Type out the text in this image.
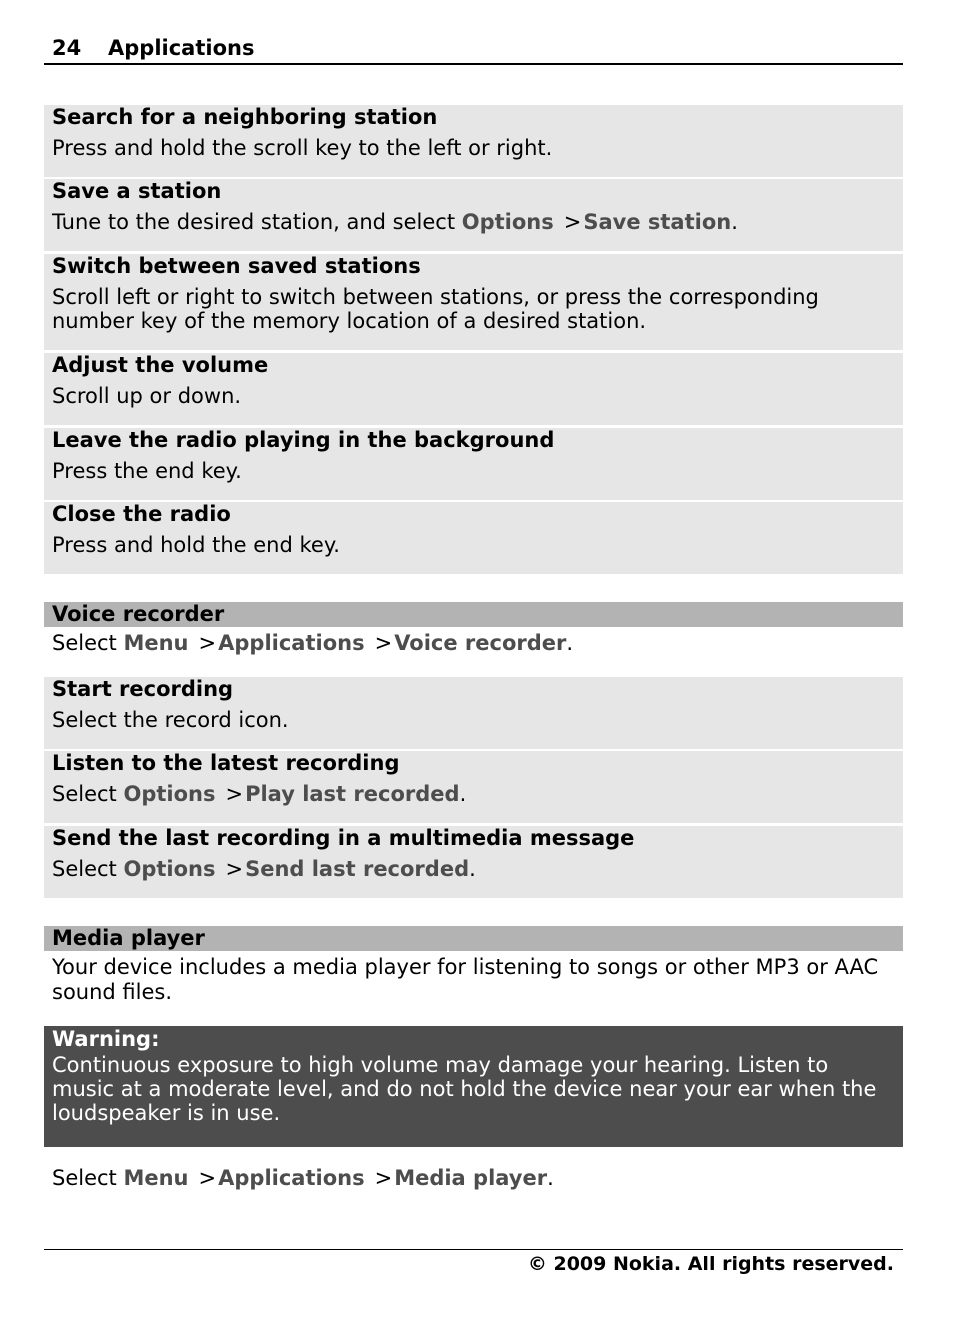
24 Applications
Search for a neighboring station
Press and hold the scroll key to the left or right.
Save a station
Tune to the desired station, and select Options >Save station.
Switch between saved stations
Scroll left or right to switch between stations, or press the corresponding number key of the memory location of a desired station.
Adjust the volume
Scroll up or down.
Leave the radio playing in the background
Press the end key.
Close the radio
Press and hold the end key.
Voice recorder
Select Menu >Applications >Voice recorder.
Start recording
Select the record icon.
Listen to the latest recording
Select Options >Play last recorded.
Send the last recording in a multimedia message
Select Options >Send last recorded.
Media player
Your device includes a media player for listening to songs or other MP3 or AAC sound files.
Warning:
Continuous exposure to high volume may damage your hearing. Listen to music at a moderate level, and do not hold the device near your ear when the loudspeaker is in use.
Select Menu >Applications >Media player.
© 2009 Nokia. All rights reserved.
